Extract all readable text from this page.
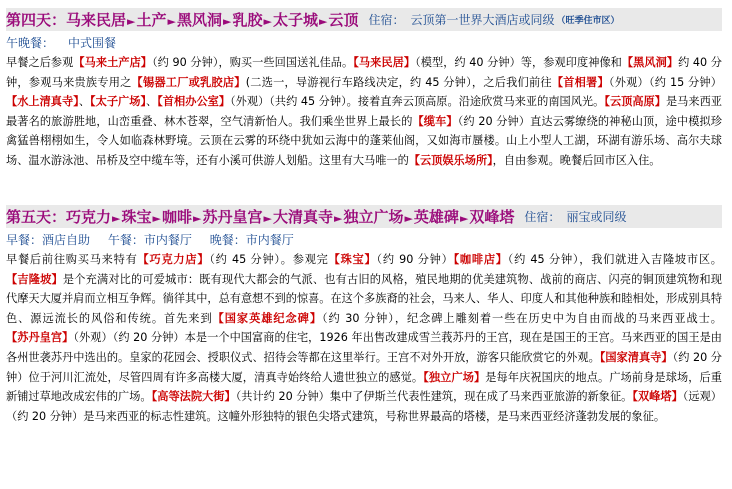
第四天：马来民居►土产►黑风洞►乳胶►太子城►云顶 住宿： 云顶第一世界大酒店或同级 （旺季住市区）
午晚餐： 中式围餐
早餐之后参观【马来土产店】（约 90 分钟），购买一些回国送礼佳品。【马来民居】（模型，约 40 分钟）等，参观印度神像和【黑风洞】约 40 分钟，参观马来贵族专用之【锡器工厂或乳胶店】(二选一，导游视行车路线决定，约 45 分钟），之后我们前往【首相署】（外观）（约 15 分钟）【水上清真寺】、【太子广场】、【首相办公室】（外观）（共约 45 分钟）。接着直奔云顶高原。沿途欣赏马来亚的南国风光。【云顶高原】是马来西亚最著名的旅游胜地，山峦重叠、林木苍翠，空气清新怡人。我们乘坐世界上最长的【缆车】（约 20 分钟）直达云雾缭绕的神秘山顶，途中模拟珍禽猛兽栩栩如生，令人如临森林野境。云顶在云雾的环绕中犹如云海中的蓬莱仙阁，又如海市蜃楼。山上小型人工湖，环湖有游乐场、高尔夫球场、温水游泳池、吊桥及空中缆车等，还有小溪可供游人划船。这里有大马唯一的【云顶娱乐场所】，自由参观。晚餐后回市区入住。
第五天：巧克力►珠宝►咖啡►苏丹皇宫►大清真寺►独立广场►英雄碑►双峰塔 住宿： 丽宝或同级
早餐：酒店自助 午餐：市内餐厅 晚餐：市内餐厅
早餐后前往购买马来特有【巧克力店】（约 45 分钟）。参观完【珠宝】（约 90 分钟）【咖啡店】（约 45 分钟），我们就进入吉隆坡市区。【吉隆坡】是个充满对比的可爱城市：既有现代大都会的气派、也有古旧的风格，殖民地期的优美建筑物、战前的商店、闪亮的铜顶建筑物和现代摩天大厦并肩而立相互争辉。徜徉其中，总有意想不到的惊喜。在这个多族裔的社会，马来人、华人、印度人和其他种族和睦相处，形成别具特色、源远流长的风俗和传统。首先来到【国家英雄纪念碑】（约 30 分钟），纪念碑上雕刻着一些在历史中为自由而战的马来西亚战士。【苏丹皇宫】（外观）（约 20 分钟）本是一个中国富商的住宅，1926 年出售改建成雪兰莪苏丹的王宫，现在是国王的王宫。马来西亚的国王是由各州世袭苏丹中选出的。皇家的花园会、授职仪式、招待会等都在这里举行。王宫不对外开放，游客只能欣赏它的外观。【国家清真寺】（约 20 分钟）位于河川汇流处，尽管四周有许多高楼大厦，清真寺始终给人遗世独立的感觉。【独立广场】是每年庆祝国庆的地点。广场前身是球场，后重新铺过草地改成宏伟的广场。【高等法院大街】（共计约 20 分钟）集中了伊斯兰代表性建筑，现在成了马来西亚旅游的新象征。【双峰塔】（远观）（约 20 分钟）是马来西亚的标志性建筑。这幢外形独特的银色尖塔式建筑，号称世界最高的塔楼，是马来西亚经济蓬勃发展的象征。
